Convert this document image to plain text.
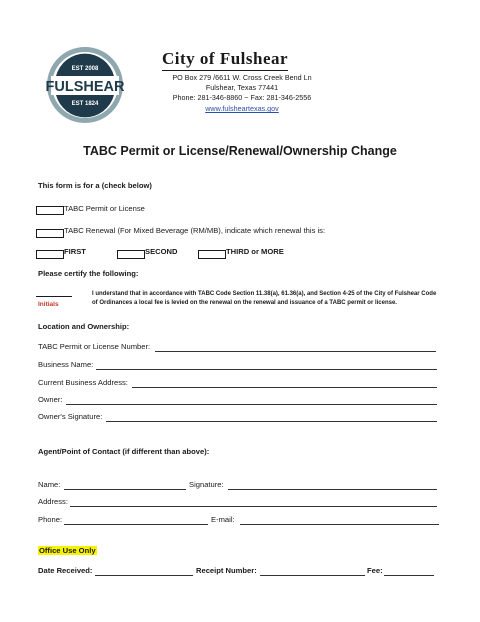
EST 2008
FULSHEAR
EST 1824
City of Fulshear
PO Box 279 /6611 W. Cross Creek Bend Ln
Fulshear, Texas 77441
Phone: 281-346-8860 ~ Fax: 281-346-2556
www.fulsheartexas.gov
TABC Permit or License/Renewal/Ownership Change
This form is for a (check below)
TABC Permit or License
TABC Renewal (For Mixed Beverage (RM/MB), indicate which renewal this is:
FIRST	SECOND	THIRD or MORE
Please certify the following:
Initials
I understand that in accordance with TABC Code Section 11.38(a), 61.36(a), and Section 4-25 of the City of Fulshear Code of Ordinances a local fee is levied on the renewal on the renewal and issuance of a TABC permit or license.
Location and Ownership:
TABC Permit or License Number:
Business Name:
Current Business Address:
Owner:
Owner's Signature:
Agent/Point of Contact (if different than above):
Name:	Signature:
Address:
Phone:	E-mail:
Office Use Only
Date Received:	Receipt Number:	Fee:
